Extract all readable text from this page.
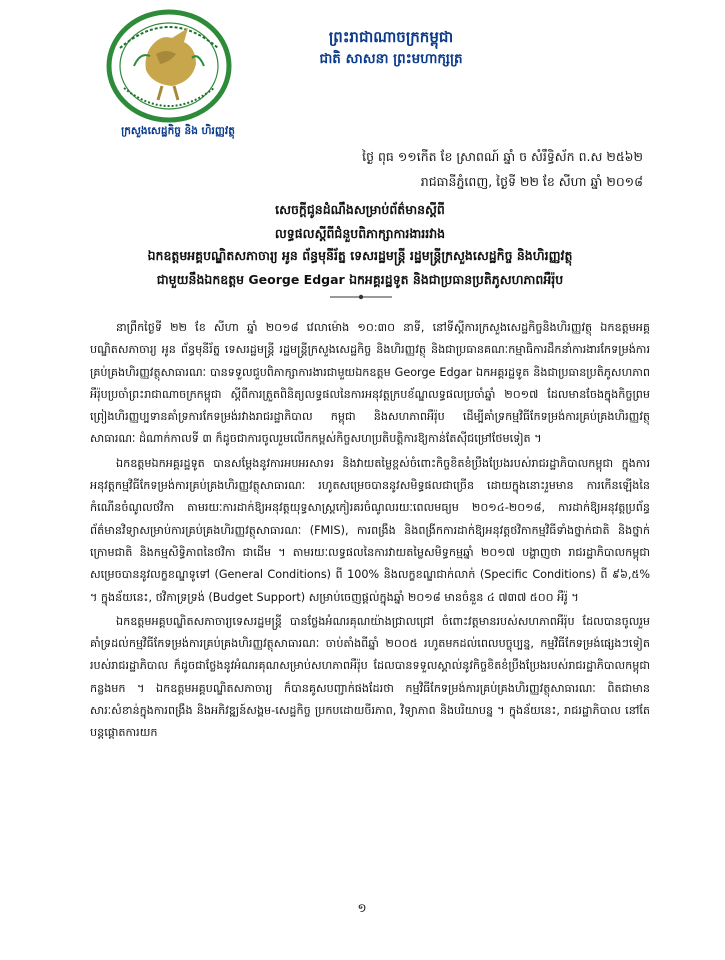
ក្រសួងសេដ្ឋកិច្ច និង ហិរញ្ញវត្ថុ
ព្រះរាជាណាចក្រកម្ពុជា
ជាតិ សាសនា ព្រះមហាក្សត្រ
ថ្ងៃ ពុធ ១១កើត ខែ ស្រាពណ៍ ឆ្នាំ ច សំរឹទ្ធិស័ក ព.ស ២៥៦២
រាជធានីភ្នំពេញ, ថ្ងៃទី ២២ ខែ សីហា ឆ្នាំ ២០១៨
សេចក្តីជូនដំណឹងសម្រាប់ព័ត៌មានស្តីពី
លទ្ធផលស្តីពីជំនួបពិភាក្សាការងាររវាង
ឯកឧត្តមអគ្គបណ្ឌិតសភាចារ្យ អូន ព័ន្ធមុនីរ័ត្ន ទេសរដ្ឋមន្ត្រី រដ្ឋមន្ត្រីក្រសួងសេដ្ឋកិច្ច និងហិរញ្ញវត្ថុ
ជាមួយនឹងឯកឧត្តម George Edgar ឯកអគ្គរដ្ឋទូត និងជាប្រធានប្រតិភូសហភាពអឺរ៉ុប

នាព្រឹកថ្ងៃទី ២២ ខែ សីហា ឆ្នាំ ២០១៨ វេលាម៉ោង ១០:៣០ នាទី, នៅទីស្តីការក្រសួងសេដ្ឋកិច្ចនិងហិរញ្ញវត្ថុ ឯកឧត្តមអគ្គបណ្ឌិតសភាចារ្យ អូន ព័ន្ធមុនីរ័ត្ន ទេសរដ្ឋមន្ត្រី រដ្ឋមន្ត្រីក្រសួងសេដ្ឋកិច្ច និងហិរញ្ញវត្ថុ និងជាប្រធានគណៈកម្មាធិការដឹកនាំការងារកែទម្រង់ការគ្រប់គ្រងហិរញ្ញវត្ថុសាធារណៈ បានទទួលជួបពិភាក្សាការងារជាមួយឯកឧត្តម George Edgar ឯកអគ្គរដ្ឋទូត និងជាប្រធានប្រតិភូសហភាពអឺរ៉ុបប្រចាំព្រះរាជាណាចក្រកម្ពុជា ស្តីពីការត្រួតពិនិត្យលទ្ធផលនៃការអនុវត្តក្របខ័ណ្ឌលទ្ធផលប្រចាំឆ្នាំ ២០១៧ ដែលមានចែងក្នុងកិច្ចព្រមព្រៀងហិរញ្ញប្បទានគាំទ្រការកែទម្រង់រវាងរាជរដ្ឋាភិបាល កម្ពុជា និងសហភាពអឺរ៉ុប ដើម្បីគាំទ្រកម្មវិធីកែទម្រង់ការគ្រប់គ្រងហិរញ្ញវត្ថុសាធារណៈ ដំណាក់កាលទី ៣ ក៏ដូចជាការចូលរួមលើកកម្ពស់កិច្ចសហប្រតិបត្តិការឱ្យកាន់តែស៊ីជម្រៅថែមទៀត ។

ឯកឧត្តមឯកអគ្គរដ្ឋទូត បានសម្តែងនូវការអបអរសាទរ និងវាយតម្លៃខ្ពស់ចំពោះកិច្ចខិតខំប្រឹងប្រែងរបស់រាជរដ្ឋាភិបាលកម្ពុជា ក្នុងការអនុវត្តកម្មវិធីកែទម្រង់ការគ្រប់គ្រងហិរញ្ញវត្ថុសាធារណៈ រហូតសម្រេចបាននូវសមិទ្ធផលជាច្រើន ដោយក្នុងនោះរួមមាន ការកើនឡើងនៃកំណើនចំណូលថវិកា តាមរយៈការដាក់ឱ្យអនុវត្តយុទ្ធសាស្ត្រកៀរគរចំណូលរយៈពេលមធ្យម ២០១៤-២០១៨, ការដាក់ឱ្យអនុវត្តប្រព័ន្ធព័ត៌មានវិទ្យាសម្រាប់ការគ្រប់គ្រងហិរញ្ញវត្ថុសាធារណៈ (FMIS), ការពង្រឹង និងពង្រីកការដាក់ឱ្យអនុវត្តថវិកាកម្មវិធីទាំងថ្នាក់ជាតិ និងថ្នាក់ក្រោមជាតិ និងកម្មសិទ្ធិភាពនៃថវិកា ជាដើម ។ តាមរយៈលទ្ធផលនៃការវាយតម្លៃសមិទ្ធកម្មឆ្នាំ ២០១៧ បង្ហាញថា រាជរដ្ឋាភិបាលកម្ពុជាសម្រេចបាននូវលក្ខខណ្ឌទូទៅ (General Conditions) ពី 100% និងលក្ខខណ្ឌជាក់លាក់ (Specific Conditions) ពី ៩៦,៥% ។ ក្នុងន័យនេះ, ថវិកាទ្រទ្រង់ (Budget Support) សម្រាប់ចេញផ្តល់ក្នុងឆ្នាំ ២០១៨ មានចំនួន ៤ ៧៣៧ ៥០០ អឺរ៉ូ ។

ឯកឧត្តមអគ្គបណ្ឌិតសភាចារ្យទេសរដ្ឋមន្ត្រី បានថ្លែងអំណរគុណយ៉ាងជ្រាលជ្រៅ ចំពោះវត្តមានរបស់សហភាពអឺរ៉ុប ដែលបានចូលរួមគាំទ្រដល់កម្មវិធីកែទម្រង់ការគ្រប់គ្រងហិរញ្ញវត្ថុសាធារណៈ ចាប់តាំងពីឆ្នាំ ២០០៥ រហូតមកដល់ពេលបច្ចុប្បន្ន, កម្មវិធីកែទម្រង់ផ្សេងៗទៀតរបស់រាជរដ្ឋាភិបាល ក៏ដូចជាថ្លែងនូវអំណរគុណសម្រាប់សហភាពអឺរ៉ុប ដែលបានទទួលស្គាល់នូវកិច្ចខិតខំប្រឹងប្រែងរបស់រាជរដ្ឋាភិបាលកម្ពុជាកន្លងមក ។ ឯកឧត្តមអគ្គបណ្ឌិតសភាចារ្យ ក៏បានគូសបញ្ជាក់ផងដែរថា កម្មវិធីកែទម្រង់ការគ្រប់គ្រងហិរញ្ញវត្ថុសាធារណៈ ពិតជាមានសារៈសំខាន់ក្នុងការពង្រឹង និងអភិវឌ្ឍន៍សង្គម-សេដ្ឋកិច្ច ប្រកបដោយចីរភាព, វិទ្យាភាព និងបរិយាបន្ន ។ ក្នុងន័យនេះ, រាជរដ្ឋាភិបាល នៅតែបន្តផ្តោតការយក

១
